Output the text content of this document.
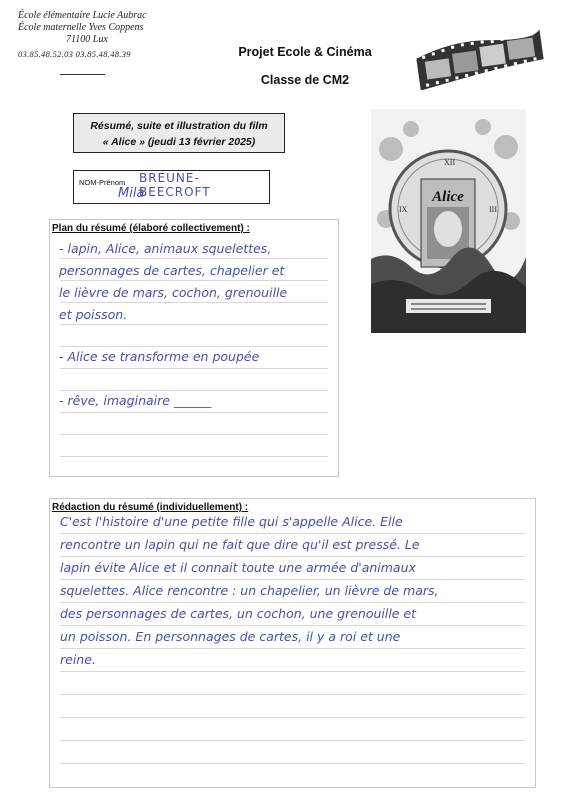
École élémentaire Lucie Aubrac
École maternelle Yves Coppens
71100 Lux
03.85.48.52.03 03.85.48.48.39	Projet Ecole & Cinéma
Classe de CM2
Résumé, suite et illustration du film
« Alice » (jeudi 13 février 2025)
NOM-Prénom BREUNE-BEECROFT
Mila
XII
III
IX
Alice
Plan du résumé (élaboré collectivement) :
- lapin, Alice, animaux squelettes,
personnages de cartes, chapelier et
le lièvre de mars, cochon, grenouille
et poisson.
- Alice se transforme en poupée
- rêve, imaginaire ______
Rédaction du résumé (individuellement) :
C'est l'histoire d'une petite fille qui s'appelle Alice. Elle
rencontre un lapin qui ne fait que dire qu'il est pressé. Le
lapin évite Alice et il connait toute une armée d'animaux
squelettes. Alice rencontre : un chapelier, un lièvre de mars,
des personnages de cartes, un cochon, une grenouille et
un poisson. En personnages de cartes, il y a roi et une
reine.
